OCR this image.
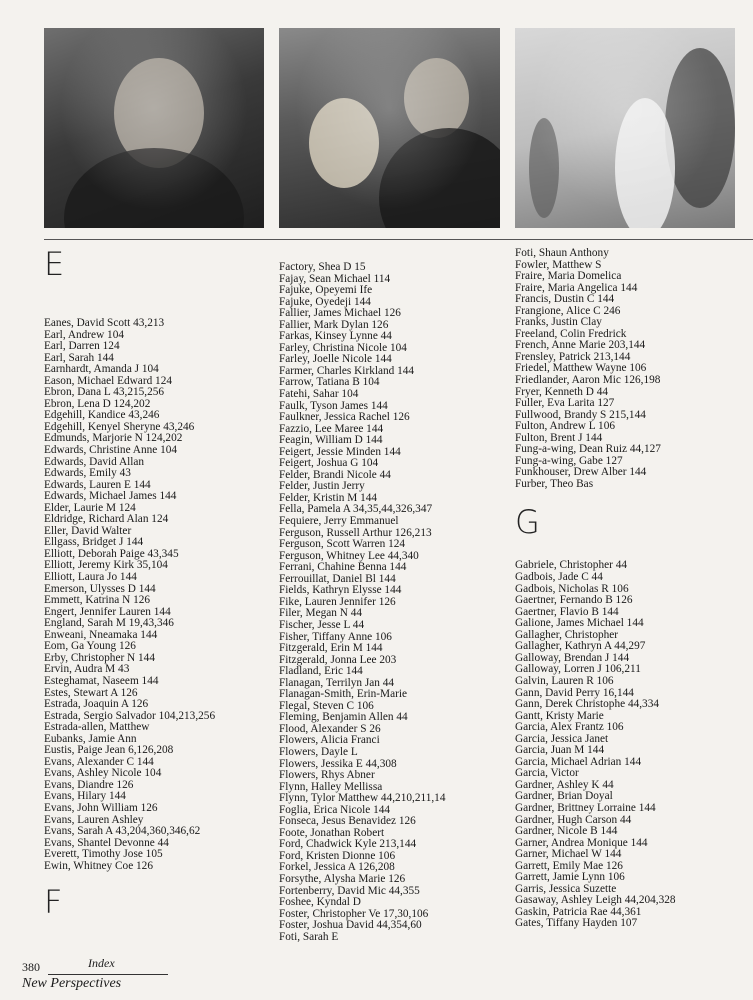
E
Eanes, David Scott 43,213
Earl, Andrew 104
Earl, Darren 124
Earl, Sarah 144
Earnhardt, Amanda J 104
Eason, Michael Edward 124
Ebron, Dana L 43,215,256
Ebron, Lena D 124,202
Edgehill, Kandice 43,246
Edgehill, Kenyel Sheryne 43,246
Edmunds, Marjorie N 124,202
Edwards, Christine Anne 104
Edwards, David Allan
Edwards, Emily 43
Edwards, Lauren E 144
Edwards, Michael James 144
Elder, Laurie M 124
Eldridge, Richard Alan 124
Eller, David Walter
Ellgass, Bridget J 144
Elliott, Deborah Paige 43,345
Elliott, Jeremy Kirk 35,104
Elliott, Laura Jo 144
Emerson, Ulysses D 144
Emmett, Katrina N 126
Engert, Jennifer Lauren 144
England, Sarah M 19,43,346
Enweani, Nneamaka 144
Eom, Ga Young 126
Erby, Christopher N 144
Ervin, Audra M 43
Esteghamat, Naseem 144
Estes, Stewart A 126
Estrada, Joaquin A 126
Estrada, Sergio Salvador 104,213,256
Estrada-allen, Matthew
Eubanks, Jamie Ann
Eustis, Paige Jean 6,126,208
Evans, Alexander C 144
Evans, Ashley Nicole 104
Evans, Diandre 126
Evans, Hilary 144
Evans, John William 126
Evans, Lauren Ashley
Evans, Sarah A 43,204,360,346,62
Evans, Shantel Devonne 44
Everett, Timothy Jose 105
Ewin, Whitney Coe 126
F
Factory, Shea D 15
Fajay, Sean Michael 114
Fajuke, Opeyemi Ife
Fajuke, Oyedeji 144
Fallier, James Michael 126
Fallier, Mark Dylan 126
Farkas, Kinsey Lynne 44
Farley, Christina Nicole 104
Farley, Joelle Nicole 144
Farmer, Charles Kirkland 144
Farrow, Tatiana B 104
Fatehi, Sahar 104
Faulk, Tyson James 144
Faulkner, Jessica Rachel 126
Fazzio, Lee Maree 144
Feagin, William D 144
Feigert, Jessie Minden 144
Feigert, Joshua G 104
Felder, Brandi Nicole 44
Felder, Justin Jerry
Felder, Kristin M 144
Fella, Pamela A 34,35,44,326,347
Fequiere, Jerry Emmanuel
Ferguson, Russell Arthur 126,213
Ferguson, Scott Warren 124
Ferguson, Whitney Lee 44,340
Ferrani, Chahine Benna 144
Ferrouillat, Daniel Bl 144
Fields, Kathryn Elysse 144
Fike, Lauren Jennifer 126
Filer, Megan N 44
Fischer, Jesse L 44
Fisher, Tiffany Anne 106
Fitzgerald, Erin M 144
Fitzgerald, Jonna Lee 203
Fladland, Eric 144
Flanagan, Terrilyn Jan 44
Flanagan-Smith, Erin-Marie
Flegal, Steven C 106
Fleming, Benjamin Allen 44
Flood, Alexander S 26
Flowers, Alicia Franci
Flowers, Dayle L
Flowers, Jessika E 44,308
Flowers, Rhys Abner
Flynn, Halley Mellissa
Flynn, Tylor Matthew 44,210,211,14
Foglia, Erica Nicole 144
Fonseca, Jesus Benavidez 126
Foote, Jonathan Robert
Ford, Chadwick Kyle 213,144
Ford, Kristen Dionne 106
Forkel, Jessica A 126,208
Forsythe, Alysha Marie 126
Fortenberry, David Mic 44,355
Foshee, Kyndal D
Foster, Christopher Ve 17,30,106
Foster, Joshua David 44,354,60
Foti, Sarah E
Foti, Shaun Anthony
Fowler, Matthew S
Fraire, Maria Domelica
Fraire, Maria Angelica 144
Francis, Dustin C 144
Frangione, Alice C 246
Franks, Justin Clay
Freeland, Colin Fredrick
French, Anne Marie 203,144
Frensley, Patrick 213,144
Friedel, Matthew Wayne 106
Friedlander, Aaron Mic 126,198
Fryer, Kenneth D 44
Fuller, Eva Larita 127
Fullwood, Brandy S 215,144
Fulton, Andrew L 106
Fulton, Brent J 144
Fung-a-wing, Dean Ruiz 44,127
Fung-a-wing, Gabe 127
Funkhouser, Drew Alber 144
Furber, Theo Bas
G
Gabriele, Christopher 44
Gadbois, Jade C 44
Gadbois, Nicholas R 106
Gaertner, Fernando B 126
Gaertner, Flavio B 144
Galione, James Michael 144
Gallagher, Christopher
Gallagher, Kathryn A 44,297
Galloway, Brendan J 144
Galloway, Lorren J 106,211
Galvin, Lauren R 106
Gann, David Perry 16,144
Gann, Derek Christophe 44,334
Gantt, Kristy Marie
Garcia, Alex Frantz 106
Garcia, Jessica Janet
Garcia, Juan M 144
Garcia, Michael Adrian 144
Garcia, Victor
Gardner, Ashley K 44
Gardner, Brian Doyal
Gardner, Brittney Lorraine 144
Gardner, Hugh Carson 44
Gardner, Nicole B 144
Garner, Andrea Monique 144
Garner, Michael W 144
Garrett, Emily Mae 126
Garrett, Jamie Lynn 106
Garris, Jessica Suzette
Gasaway, Ashley Leigh 44,204,328
Gaskin, Patricia Rae 44,361
Gates, Tiffany Hayden 107
380	Index
New Perspectives
